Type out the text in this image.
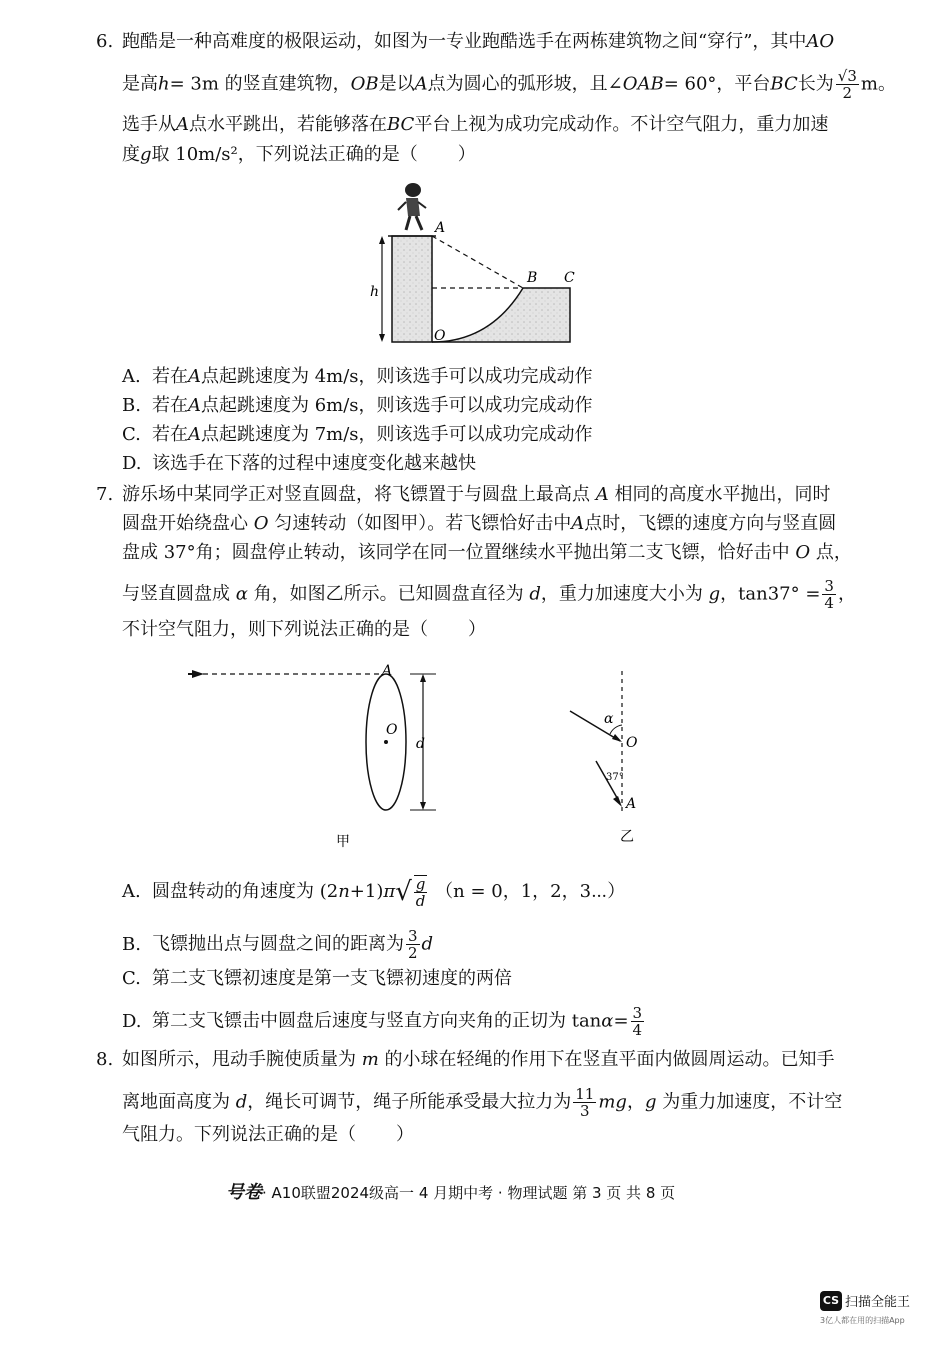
6. 跑酷是一种高难度的极限运动，如图为一专业跑酷选手在两栋建筑物之间“穿行”，其中AO
是高h= 3m 的竖直建筑物，OB是以A点为圆心的弧形坡，且∠OAB= 60°，平台BC长为 $\frac{√3}{2}$ m。
选手从A点水平跳出，若能够落在BC平台上视为成功完成动作。不计空气阻力，重力加速
度g取 10m/s²，下列说法正确的是（ ）
h
A
B C
O
A. 若在A点起跳速度为 4m/s，则该选手可以成功完成动作
B. 若在A点起跳速度为 6m/s，则该选手可以成功完成动作
C. 若在A点起跳速度为 7m/s，则该选手可以成功完成动作
D. 该选手在下落的过程中速度变化越来越快
7. 游乐场中某同学正对竖直圆盘，将飞镖置于与圆盘上最高点 A 相同的高度水平抛出，同时
圆盘开始绕盘心 O 匀速转动（如图甲）。若飞镖恰好击中A点时，飞镖的速度方向与竖直圆
盘成 37°角；圆盘停止转动，该同学在同一位置继续水平抛出第二支飞镖，恰好击中 O 点，
与竖直圆盘成 α 角，如图乙所示。已知圆盘直径为 d，重力加速度大小为 g，$\tan 37^\circ = \frac{3}{4}$ ，
不计空气阻力，则下列说法正确的是（ ）
A
O
d
甲
α
O
37°
A
乙
A. 圆盘转动的角速度为 $(2n+1)\pi√ \frac{g}{d} (n = 0$，1，2，3⋯）
B. 飞镖抛出点与圆盘之间的距离为 $\frac{3}{2}$ d
C. 第二支飞镖初速度是第一支飞镖初速度的两倍
D. 第二支飞镖击中圆盘后速度与竖直方向夹角的正切为 $\tan\alpha= \frac{3}{4}$
8. 如图所示，甩动手腕使质量为 m 的小球在轻绳的作用下在竖直平面内做圆周运动。已知手
离地面高度为 d，绳长可调节，绳子所能承受最大拉力为 $\frac{11}{3}$ mg，g 为重力加速度，不计空
气阻力。下列说法正确的是（ ）
号卷· A10联盟2024级高一 4 月期中考 · 物理试题 第 3 页 共 8 页
CS 扫描全能王
3亿人都在用的扫描App
